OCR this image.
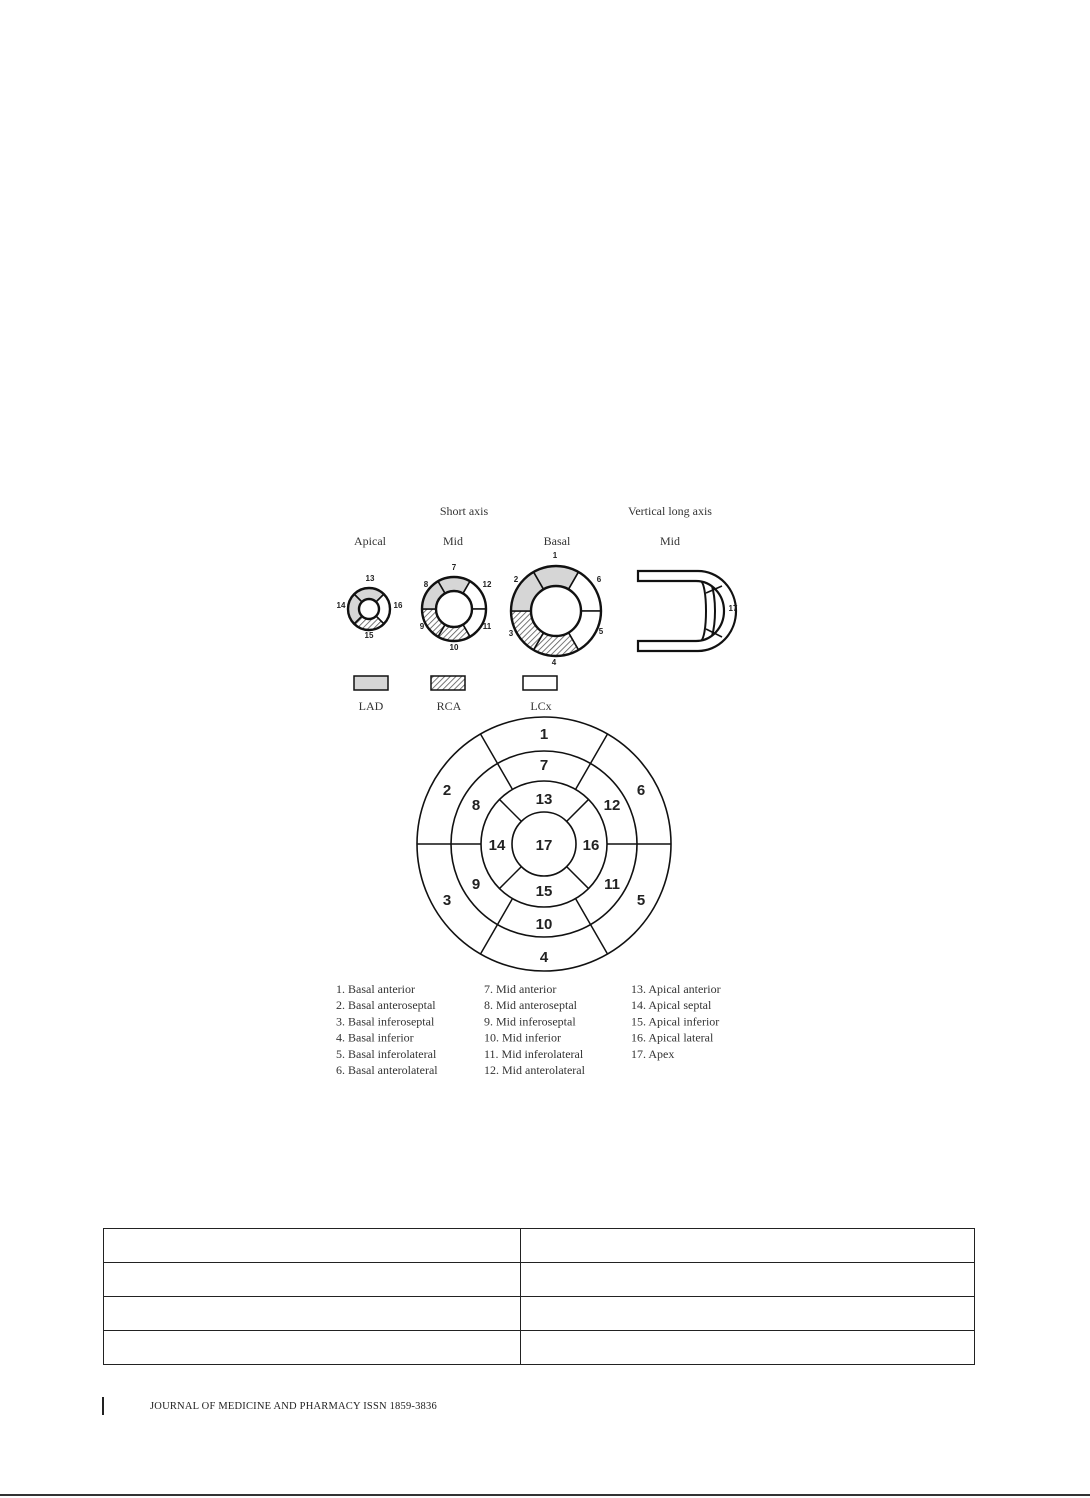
Short axis	Vertical long axis
Apical	Mid	Basal	Mid
13
14	16
15
7
8	12
9	11
10
1
2	6
3	5
4
17
LAD	RCA	LCx
1
2
3
4
5
6
7
8
9
10
11
12
13
14
15
16
17
1. Basal anterior
2. Basal anteroseptal
3. Basal inferoseptal
4. Basal inferior
5. Basal inferolateral
6. Basal anterolateral
7. Mid anterior
8. Mid anteroseptal
9. Mid inferoseptal
10. Mid inferior
11. Mid inferolateral
12. Mid anterolateral
13. Apical anterior
14. Apical septal
15. Apical inferior
16. Apical lateral
17. Apex

JOURNAL OF MEDICINE AND PHARMACY ISSN 1859-3836
